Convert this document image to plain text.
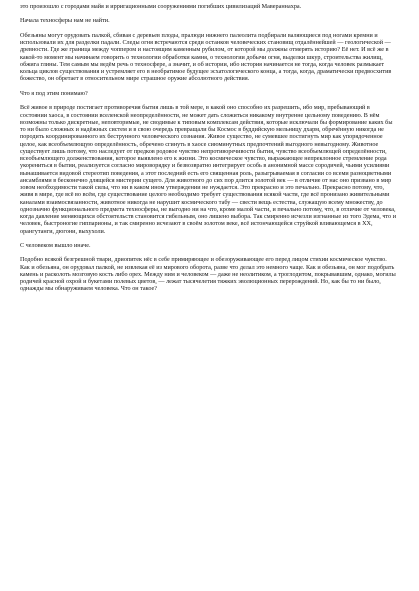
это произошло с городами майя и ирригационными сооружениями погибших цивилизаций Мавераннахра.

Начала техносферы нам не найти.

Обезьяны могут орудовать палкой, сбивая с деревьев плоды, пралюди нижнего палеолита подбирали валяющиеся под ногами кремни и использовали их для разделки падали. Следы огня встречаются среди останков человеческих становищ отдалённейшей — геологической — древности. Где же граница между чоппером и настоящим каменным рубилом, от которой мы должны отмерять историю? Её нет. И всё же в какой-то момент мы начинаем говорить о технологии обработки камня, о технологии добычи огня, выделки шкур, строительства жилищ, обжига глины. Тем самым мы ведём речь о техносфере, а значит, и об истории, ибо история начинается не тогда, когда человек размыкает кольца циклов существования и устремляет его в необратимое будущее эсхатологического конца, а тогда, когда, драматически предвосхитив божество, он обретает в относительном мире страшное оружие абсолютного действия.

Что я под этим понимаю?

Всё живое в природе постигает противоречия бытия лишь в той мере, в какой оно способно их разрешить, ибо мир, пребывающий в состоянии хаоса, в состоянии вселенской неопределённости, не может дать сложиться никакому внутренне цельному поведению. В нём возможны только дискретные, неповторимые, не сводимые к типовым комплексам действия, которые исключали бы формирование каких бы то ни было сложных и надёжных систем и в свою очередь превращали бы Космос в буддийскую мельницу дхарм, обречённую никогда не породить координированного их беструнного человеческого сознания. Живое существо, не сумевшее постигнуть мир как упорядоченное целое, как всеобъемлющую определённость, обречено сгинуть в хаосе сиюминутных предпочтений выгодного невыгодному. Животное существует лишь потому, что наследует от предков родовое чувство непротиворечивости бытия, чувство всеобъемлющей определённости, всеобъемлющего долженствования, которое выявлено его к жизни. Это космическое чувство, выражающее непреклонное стремление рода укорениться в бытии, реализуется согласно мироворядку и безвозвратно интегрирует особь в анонимной массе сородичей, чьими усилиями вынашивается видовой стереотип поведения, а этот последний есть его священная роль, разыгрываемая в согласии со всеми разноцветными ансамблями в бесконечно длящейся мистерии сущего. Для животного до сих пор длится золотой век — в отличие от нас оно призвано в мир зовом необходимости такой силы, что ни в каком ином утверждении не нуждается. Это прекрасно и это печально. Прекрасно потому, что, живя в мире, где всё во всём, где существование целого необходимо требует существования всякой части, где всё пронизано живительными каналами взаимосвязанности, животное никогда не нарушит космического табу — свести вещь естества, служащую всему множеству, до однозначно функционального предмета техносферы, не выгодно ни на что, кроме малой части, и печально потому, что, в отличие от человека, когда давление меняющихся обстоятельств становится гибельным, оно лишено выбора. Так смиренно исчезли изгнанные из того Эдема, что и человек, быстроногие гиппарионы, и так смиренно исчезают в своём золотом веке, всё истончающейся струйкой вливающемся в XX, орангутанги, дюгони, выхухоли.

С человеком вышло иначе.

Подобно всякой безгрешной твари, дриопитек нёс в себе примиряющее и обезоруживающее его перед лицом стихии космическое чувство. Как и обезьяна, он орудовал палкой, не извлекая её из мирового оборота, разве что делал это немного чаще. Как и обезьяна, он мог подобрать камень и расколоть мозговую кость либо орех. Между ним и человеком — даже не неолитиком, а троглодитом, покрывавшим, однако, могилы родичей красной охрой и букетами полевых цветов, — лежат тысячелетия тяжких эволюционных перерождений. Но, как бы то ни было, однажды мы обнаруживаем человека. Что он такое?
